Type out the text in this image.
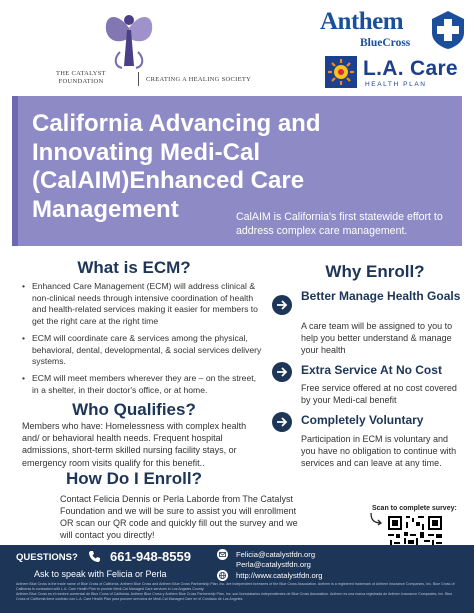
THE CATALYST
FOUNDATION	CREATING A HEALING SOCIETY
Anthem
BlueCross
L.A. Care
HEALTH PLAN
California Advancing and
Innovating Medi-Cal
(CalAIM)Enhanced Care
Management	CalAIM is California's first statewide effort to address complex care management.
What is ECM?
• Enhanced Care Management (ECM) will address clinical & non-clinical needs through intensive coordination of health and health-related services making it easier for members to get the right care at the right time
• ECM will coordinate care & services among the physical, behavioral, dental, developmental, & social services delivery systems.
• ECM will meet members wherever they are – on the street, in a shelter, in their doctor's office, or at home.
Who Qualifies?
Members who have: Homelessness with complex health and/ or behavioral health needs. Frequent hospital admissions, short-term skilled nursing facility stays, or emergency room visits qualify for this benefit..
How Do I Enroll?
Contact Felicia Dennis or Perla Laborde from The Catalyst Foundation and we will be sure to assist you will enrollment OR scan our QR code and quickly fill out the survey and we will contact you directly!
Why Enroll?
Better Manage Health Goals
A care team will be assigned to you to help you better understand & manage your health
Extra Service At No Cost
Free service offered at no cost covered by your Medi-cal benefit
Completely Voluntary
Participation in ECM is voluntary and you have no obligation to continue with services and can leave at any time.
Scan to complete survey:
QUESTIONS? 661-948-8559
Ask to speak with Felicia or Perla
Felicia@catalystfdn.org
Perla@catalystfdn.org
http://www.catalystfdn.org
Anthem Blue Cross is the trade name of Blue Cross of California. Anthem Blue Cross and Anthem Blue Cross Partnership Plan, Inc. are independent licensees of the Blue Cross Association. Anthem is a registered trademark of Anthem Insurance Companies, Inc. Blue Cross of California is contracted with L.A. Care Health Plan to provide Medi-Cal Managed Care services in Los Angeles County.
Anthem Blue Cross es el nombre comercial de Blue Cross of California. Anthem Blue Cross y Anthem Blue Cross Partnership Plan, Inc. son licenciatarios independientes de Blue Cross Association. Anthem es una marca registrada de Anthem Insurance Companies, Inc. Blue Cross of California tiene contrato con L.A. Care Health Plan para proveer servicios de Medi-Cal Managed Care en el Condado de Los Angeles.
